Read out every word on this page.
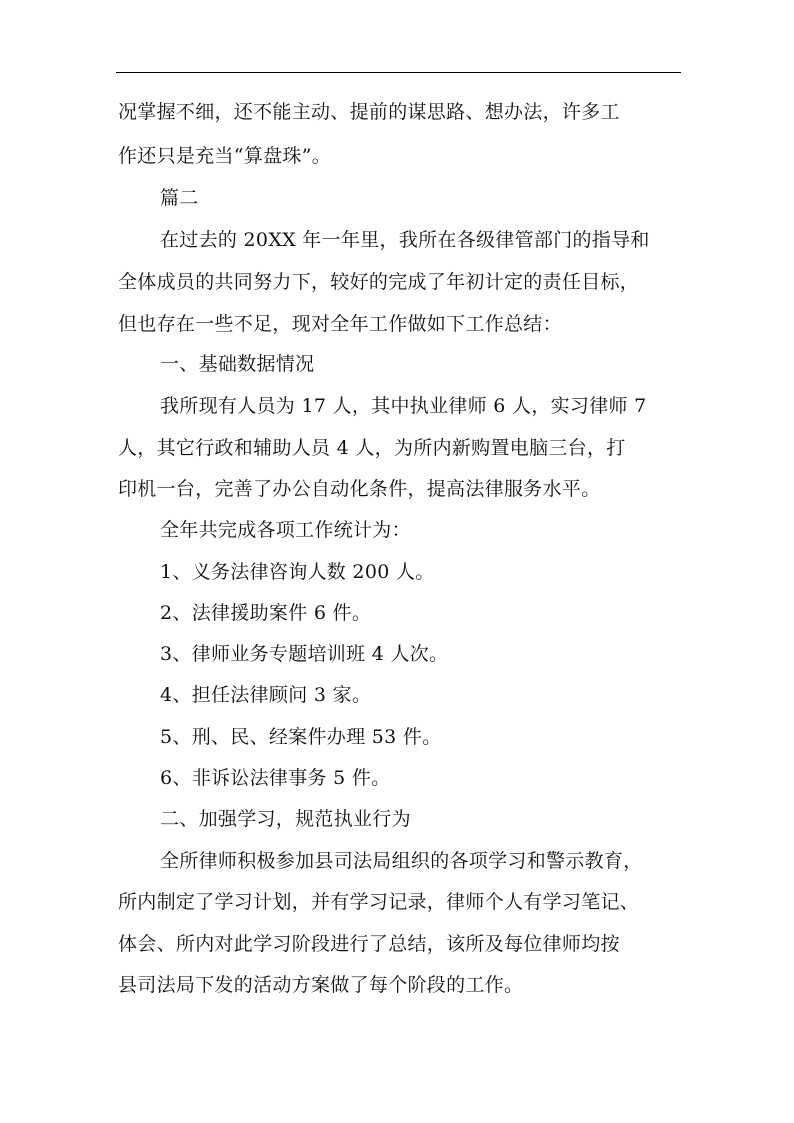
况掌握不细，还不能主动、提前的谋思路、想办法，许多工
作还只是充当“算盘珠”。
篇二
在过去的 20XX 年一年里，我所在各级律管部门的指导和
全体成员的共同努力下，较好的完成了年初计定的责任目标，
但也存在一些不足，现对全年工作做如下工作总结：
一、基础数据情况
我所现有人员为 17 人，其中执业律师 6 人，实习律师 7
人，其它行政和辅助人员 4 人，为所内新购置电脑三台，打
印机一台，完善了办公自动化条件，提高法律服务水平。
全年共完成各项工作统计为：
1、义务法律咨询人数 200 人。
2、法律援助案件 6 件。
3、律师业务专题培训班 4 人次。
4、担任法律顾问 3 家。
5、刑、民、经案件办理 53 件。
6、非诉讼法律事务 5 件。
二、加强学习，规范执业行为
全所律师积极参加县司法局组织的各项学习和警示教育，
所内制定了学习计划，并有学习记录，律师个人有学习笔记、
体会、所内对此学习阶段进行了总结，该所及每位律师均按
县司法局下发的活动方案做了每个阶段的工作。
